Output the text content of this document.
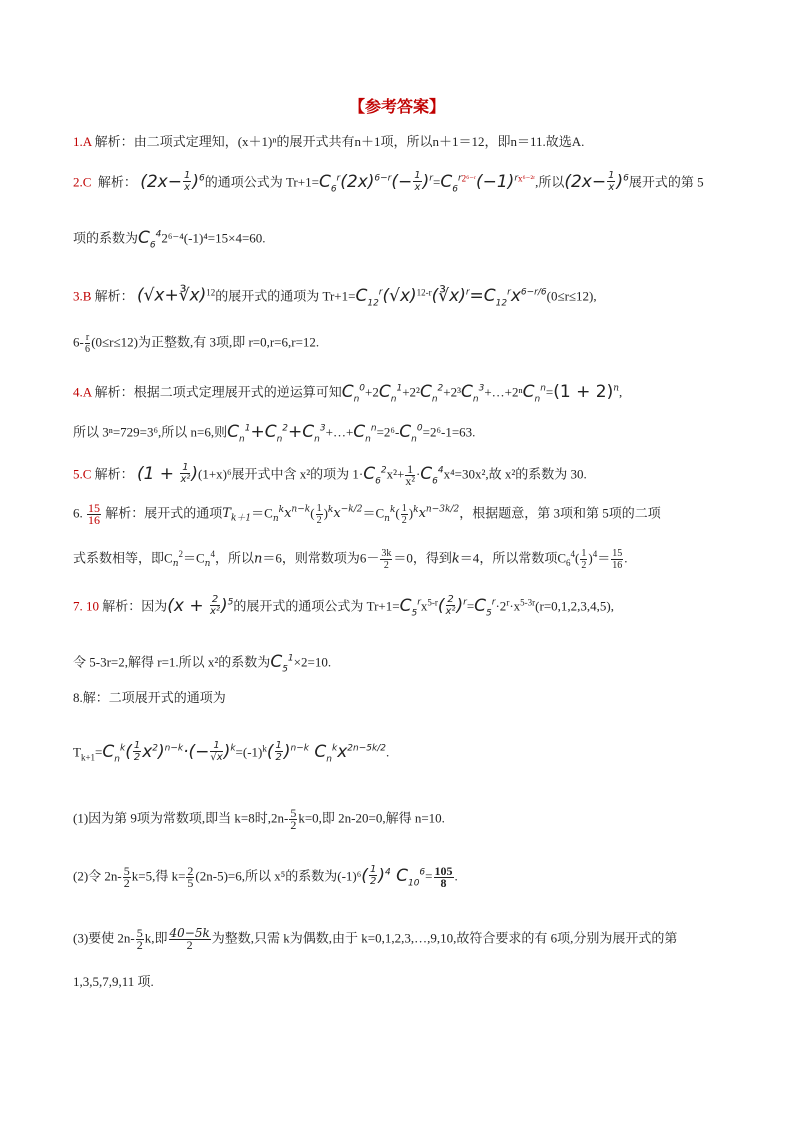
【参考答案】
1.A 解析：由二项式定理知，(x＋1)ⁿ的展开式共有n＋1项，所以n＋1＝12，即n＝11.故选A.
2.C 解析： $(2x- \frac{1}{x} )^6$的通项公式为 $Tr+1=C_6^r(2x)^{6-r}(- \frac{1}{x} )^r=C_6^{r2^{6-}ʳ}(-1)^{rx^{6-2}ʳ}$,所以$(2x- \frac{1}{x} )^6$展开式的第 5
项的系数为$C_6^42^{6-4}(-1)^4=15\times 4=60$.
3.B 解析： (√x+∛x)$^{12}$的展开式的通项为 $Tr+1=C_{12}^r(√x)^{12-r}(∛x)^r=C_{12}^rx^{6-r/6}(0\le r\le 12)$,
$6- \frac{r}{6} (0\le r\le 12)$为正整数,有 3项,即 r=0,r=6,r=12.
4.A 解析：根据二项式定理展开式的逆运算可知$C_n^0+2C_n^1+2^2C_n^2+2^3C_n^3+\dots+2^nC_n^n=(1 + 2)^n$,
所以 3ⁿ=729=3⁶,所以 n=6,则$C_n^1+C_n^2+C_n^3+\dots+C_n^n=2^6-C_n^0=2^6-1=63$.
5.C 解析： $(1 + \frac{1}{\text{x²}} )(1+x)^6$展开式中含 x²的项为 $1\cdot C_6^2x^2+ \frac{1}{\text{x²}} \cdot C_6^4x^4=30x^2$,故 x²的系数为 30.
6. $\frac{15}{16}$ 解析：展开式的通项$T_{k+1}=C_n^kx^{n-k}( \frac{1}{2} )^kx^{-k/2}=C_n^k( \frac{1}{2} )^kx^{n-3k/2}$，根据题意，第 3项和第 5项的二项
式系数相等，即$C_n^2=C_n^4$，所以n＝6，则常数项为$6- \frac{3k}{2} =0$，得到k＝4，所以常数项$C_6^4( \frac{1}{2} )^4= \frac{15}{16}$ .
7. 10 解析：因为$(x + \frac{2}{\text{x²}} )^5$的展开式的通项公式为 $Tr+1=C_5^rx^{5-r}( \frac{2}{\text{x²}} )^r=C_5^r\cdot 2^r\cdot x^{5-3r}(r=0,1,2,3,4,5)$,
令 5-3r=2,解得 r=1.所以 x²的系数为$C_5^1\times 2=10$.
8.解：二项展开式的通项为
$T_{k+1}=C_n^k( \frac{1}{2} x^2)^{n-k}\cdot(- \frac{1}{√x} )^k=(-1)^k( \frac{1}{2} )^{n-k}$ $C_n^kx^{2n-5k/2}$.
(1)因为第 9项为常数项,即当 k=8时$,2n- \frac{5}{2} k=0$,即 2n-20=0,解得 n=10.
(2)令 $2n- \frac{5}{2} k=5$,得 $k= \frac{2}{5} (2n-5)=6$,所以 x⁵的系数为$(-1)^6( \frac{1}{2} )^4$ $C_{10}^6= \frac{105}{8}$ .
(3)要使 $2n- \frac{5}{2} k$,即 $\frac{40-5k}{2}$ 为整数,只需 k为偶数,由于 k=0,1,2,3,…,9,10,故符合要求的有 6项,分别为展开式的第
1,3,5,7,9,11 项.
